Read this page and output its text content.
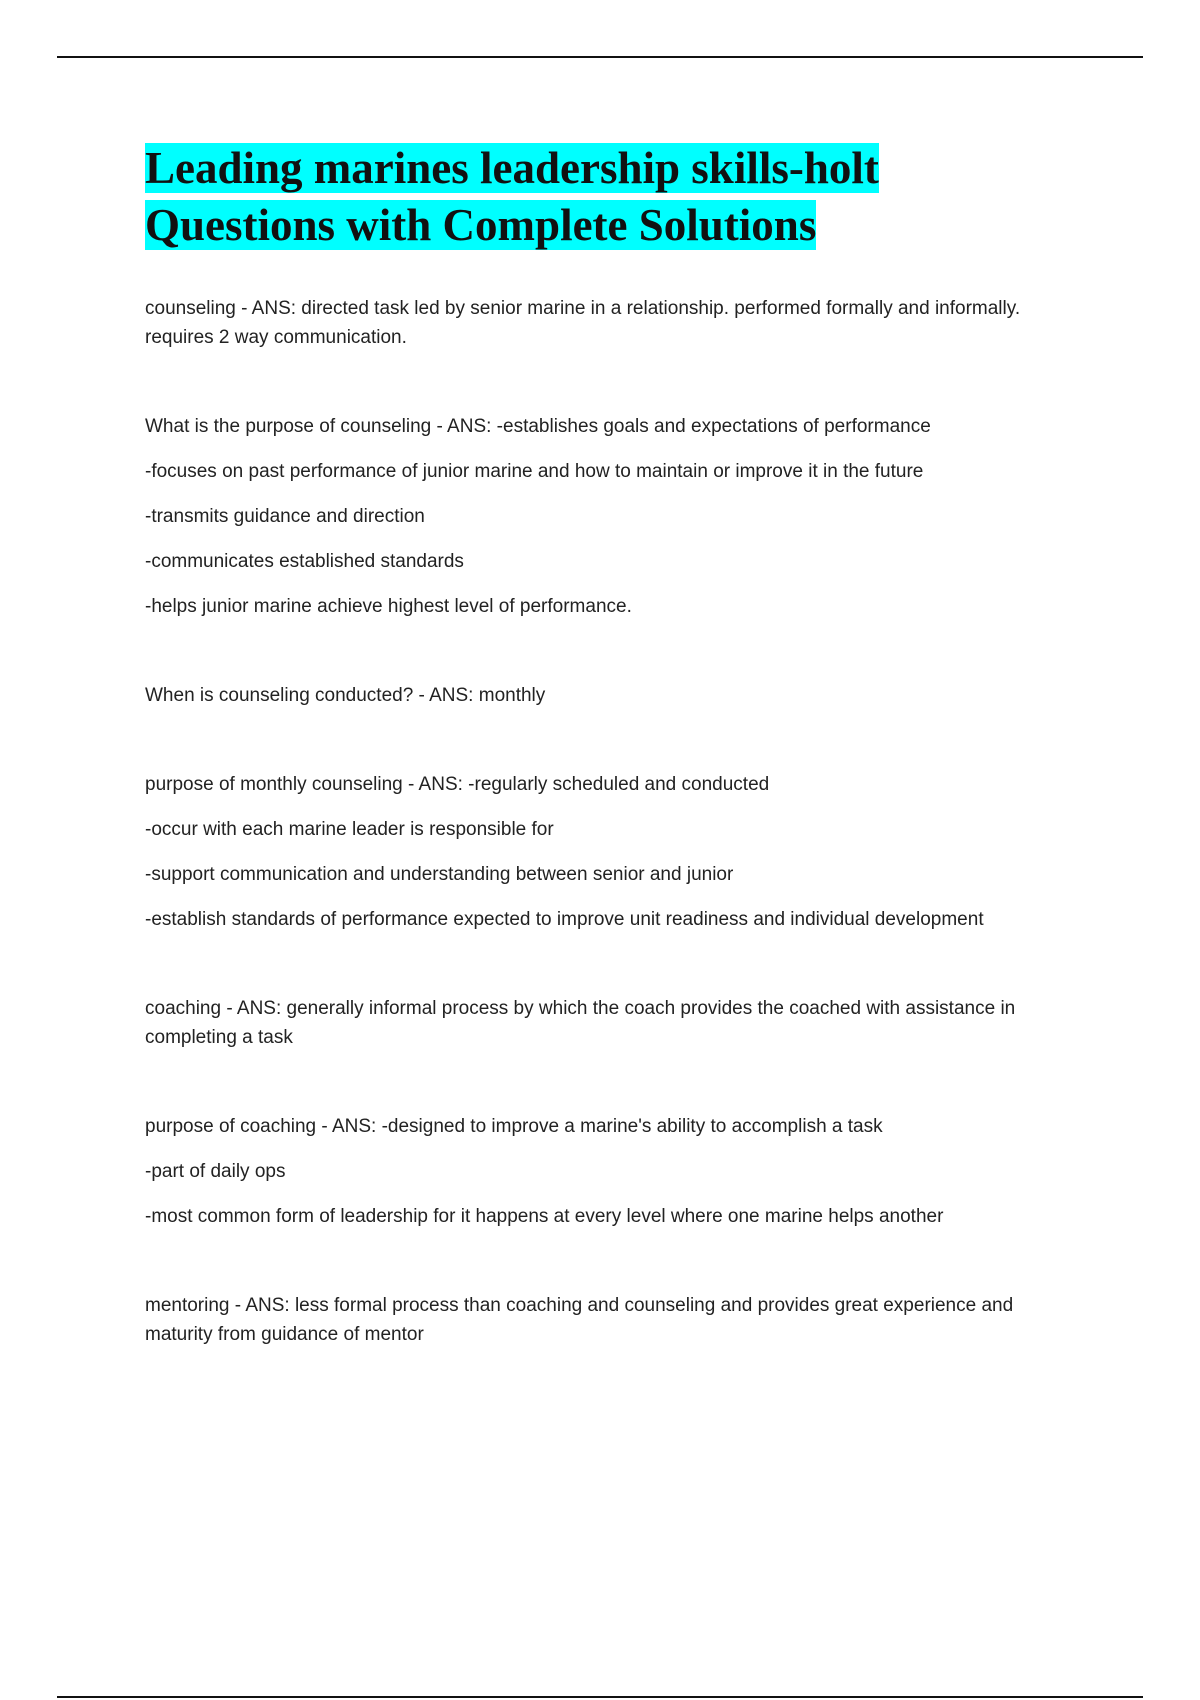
Leading marines leadership skills-holt
Questions with Complete Solutions

counseling - ANS: directed task led by senior marine in a relationship. performed formally and informally. requires 2 way communication.

What is the purpose of counseling - ANS: -establishes goals and expectations of performance

-focuses on past performance of junior marine and how to maintain or improve it in the future

-transmits guidance and direction

-communicates established standards

-helps junior marine achieve highest level of performance.

When is counseling conducted? - ANS: monthly

purpose of monthly counseling - ANS: -regularly scheduled and conducted

-occur with each marine leader is responsible for

-support communication and understanding between senior and junior

-establish standards of performance expected to improve unit readiness and individual development

coaching - ANS: generally informal process by which the coach provides the coached with assistance in completing a task

purpose of coaching - ANS: -designed to improve a marine's ability to accomplish a task

-part of daily ops

-most common form of leadership for it happens at every level where one marine helps another

mentoring - ANS: less formal process than coaching and counseling and provides great experience and maturity from guidance of mentor
